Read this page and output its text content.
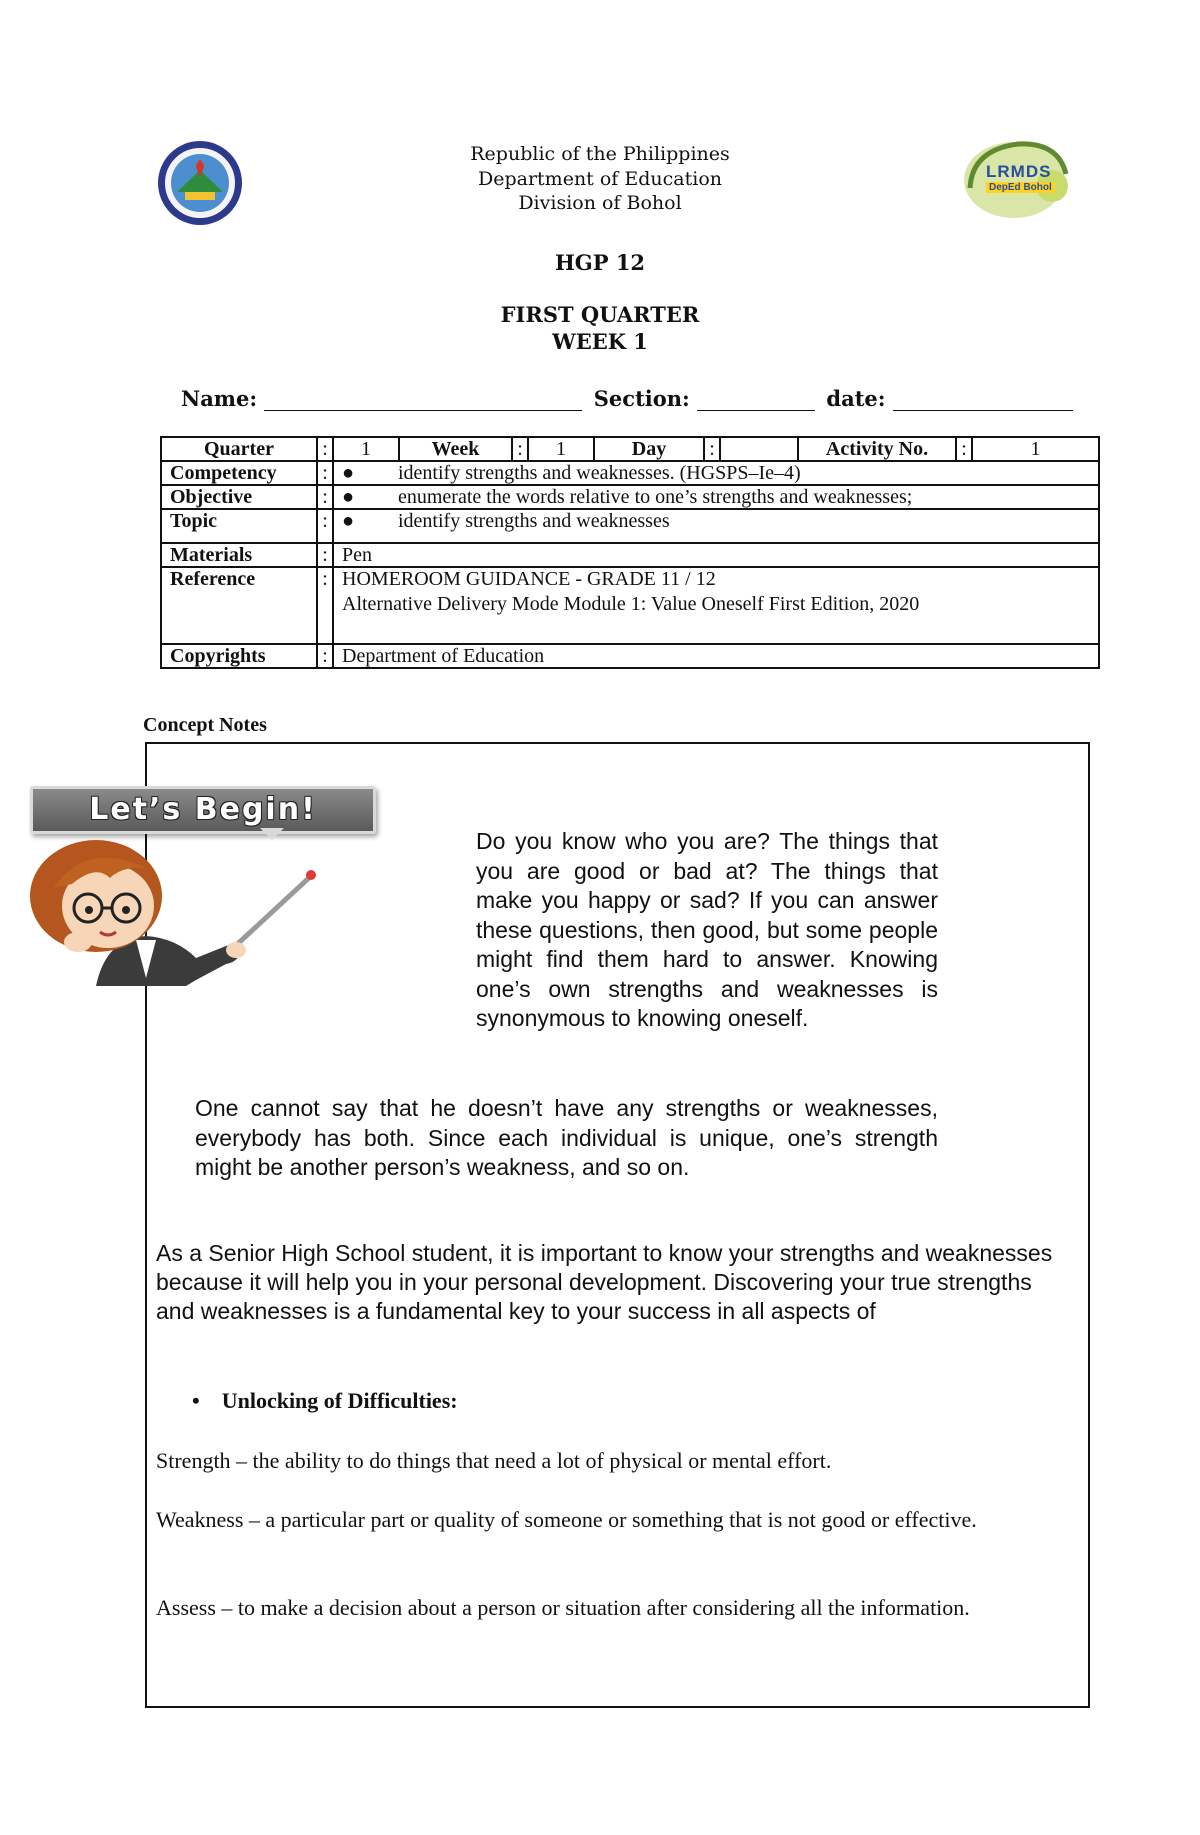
LRMDS
DepEd Bohol
Republic of the Philippines
Department of Education
Division of Bohol
HGP 12
FIRST QUARTER
WEEK 1
Name:	Section:	date:
Quarter	:	1	Week	:	1	Day	:		Activity No.	:	1

Competency	:	● identify strengths and weaknesses. (HGSPS–Ie–4)
Objective	:	● enumerate the words relative to one’s strengths and weaknesses;
Topic	:	● identify strengths and weaknesses
Materials	:	Pen
Reference	:	HOMEROOM GUIDANCE - GRADE 11 / 12
Alternative Delivery Mode Module 1: Value Oneself First Edition, 2020

Copyrights	:	Department of Education
Concept Notes
Let’s Begin!
Do you know who you are? The things that you are good or bad at? The things that make you happy or sad? If you can answer these questions, then good, but some people might find them hard to answer. Knowing one’s own strengths and weaknesses is synonymous to knowing oneself.
One cannot say that he doesn’t have any strengths or weaknesses, everybody has both. Since each individual is unique, one’s strength might be another person’s weakness, and so on.
As a Senior High School student, it is important to know your strengths and weaknesses because it will help you in your personal development. Discovering your true strengths and weaknesses is a fundamental key to your success in all aspects of
• Unlocking of Difficulties:
Strength – the ability to do things that need a lot of physical or mental effort.
Weakness – a particular part or quality of someone or something that is not good or effective.
Assess – to make a decision about a person or situation after considering all the information.
